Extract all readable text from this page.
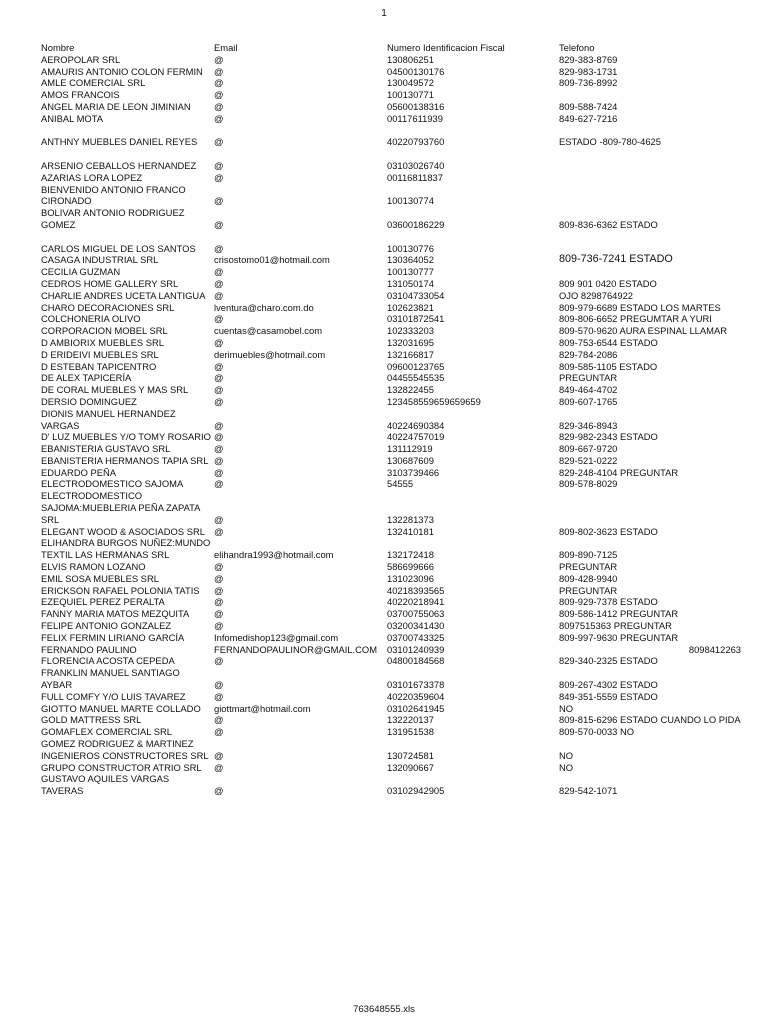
1
Nombre	Email	Numero Identificacion Fiscal	Telefono
AEROPOLAR SRL	@	130806251	829-383-8769
AMAURIS ANTONIO COLON FERMIN	@	04500130176	829-983-1731
AMLE COMERCIAL SRL	@	130049572	809-736-8992
AMOS FRANCOIS	@	100130771
ANGEL MARIA DE LEON JIMINIAN	@	05600138316	809-588-7424
ANIBAL MOTA	@	00117611939	849-627-7216
ANTHNY MUEBLES DANIEL REYES	@	40220793760	ESTADO -809-780-4625
ARSENIO CEBALLOS HERNANDEZ	@	03103026740
AZARIAS LORA LOPEZ	@	00116811837
BIENVENIDO ANTONIO FRANCO CIRONADO	@	100130774
BOLIVAR ANTONIO RODRIGUEZ GOMEZ	@	03600186229	809-836-6362 ESTADO
CARLOS MIGUEL DE LOS SANTOS	@	100130776
CASAGA INDUSTRIAL SRL	crisostomo01@hotmail.com	130364052	809-736-7241 ESTADO
CECILIA GUZMAN	@	100130777
CEDROS HOME GALLERY SRL	@	131050174	809 901 0420 ESTADO
CHARLIE ANDRES UCETA LANTIGUA @	03104733054	OJO 8298764922
CHARO DECORACIONES SRL	lventura@charo.com.do	102623821	809-979-6689 ESTADO LOS MARTES
COLCHONERIA OLIVO	@	03101872541	809-806-6652 PREGUMTAR A YURI
CORPORACION MOBEL SRL	cuentas@casamobel.com	102333203	809-570-9620 AURA ESPINAL LLAMAR
D AMBIORIX MUEBLES SRL	@	132031695	809-753-6544 ESTADO
D ERIDEIVI MUEBLES SRL	derimuebles@hotmail.com	132166817	829-784-2086
D ESTEBAN TAPICENTRO	@	09600123765	809-585-1105 ESTADO
DE ALEX TAPICERÍA	@	04455545535	PREGUNTAR
DE CORAL MUEBLES Y MAS SRL	@	132822455	849-464-4702
DERSIO DOMINGUEZ	@	123458559659659659	809-607-1765
DIONIS MANUEL HERNANDEZ VARGAS	@	40224690384	829-346-8943
D' LUZ MUEBLES Y/O TOMY ROSARIO @	40224757019	829-982-2343 ESTADO
EBANISTERIA GUSTAVO SRL	@	131112919	809-667-9720
EBANISTERIA HERMANOS TAPIA SRL @	130687609	829-521-0222
EDUARDO PEÑA	@	3103739466	829-248-4104 PREGUNTAR
ELECTRODOMESTICO SAJOMA	@	54555	809-578-8029
ELECTRODOMESTICO SAJOMA:MUEBLERIA PEÑA ZAPATA SRL	@	132281373
ELEGANT WOOD & ASOCIADOS SRL @	132410181	809-802-3623 ESTADO
ELIHANDRA BURGOS NUÑEZ:MUNDO TEXTIL LAS HERMANAS SRL	elihandra1993@hotmail.com	132172418	809-890-7125
ELVIS RAMON LOZANO	@	586699666	PREGUNTAR
EMIL SOSA MUEBLES SRL	@	131023096	809-428-9940
ERICKSON RAFAEL POLONIA TATIS	@	40218393565	PREGUNTAR
EZEQUIEL PEREZ PERALTA	@	40220218941	809-929-7378 ESTADO
FANNY MARIA MATOS MEZQUITA	@	03700755063	809-586-1412 PREGUNTAR
FELIPE ANTONIO GONZALEZ	@	03200341430	8097515363 PREGUNTAR
FELIX FERMIN LIRIANO GARCÍA	Infomedishop123@gmail.com	03700743325	809-997-9630 PREGUNTAR
FERNANDO PAULINO	FERNANDOPAULINOR@GMAIL.COM	03101240939	8098412263
FLORENCIA ACOSTA CEPEDA	@	04800184568	829-340-2325 ESTADO
FRANKLIN MANUEL SANTIAGO AYBAR	@	03101673378	809-267-4302 ESTADO
FULL COMFY Y/O LUIS TAVAREZ	@	40220359604	849-351-5559 ESTADO
GIOTTO MANUEL MARTE COLLADO	giottmart@hotmail.com	03102641945	NO
GOLD MATTRESS SRL	@	132220137	809-815-6296 ESTADO CUANDO LO PIDA
GOMAFLEX COMERCIAL SRL	@	131951538	809-570-0033 NO
GOMEZ RODRIGUEZ & MARTINEZ INGENIEROS CONSTRUCTORES SRL @	130724581	NO
GRUPO CONSTRUCTOR ATRIO SRL	@	132090667	NO
GUSTAVO AQUILES VARGAS TAVERAS	@	03102942905	829-542-1071
763648555.xls
